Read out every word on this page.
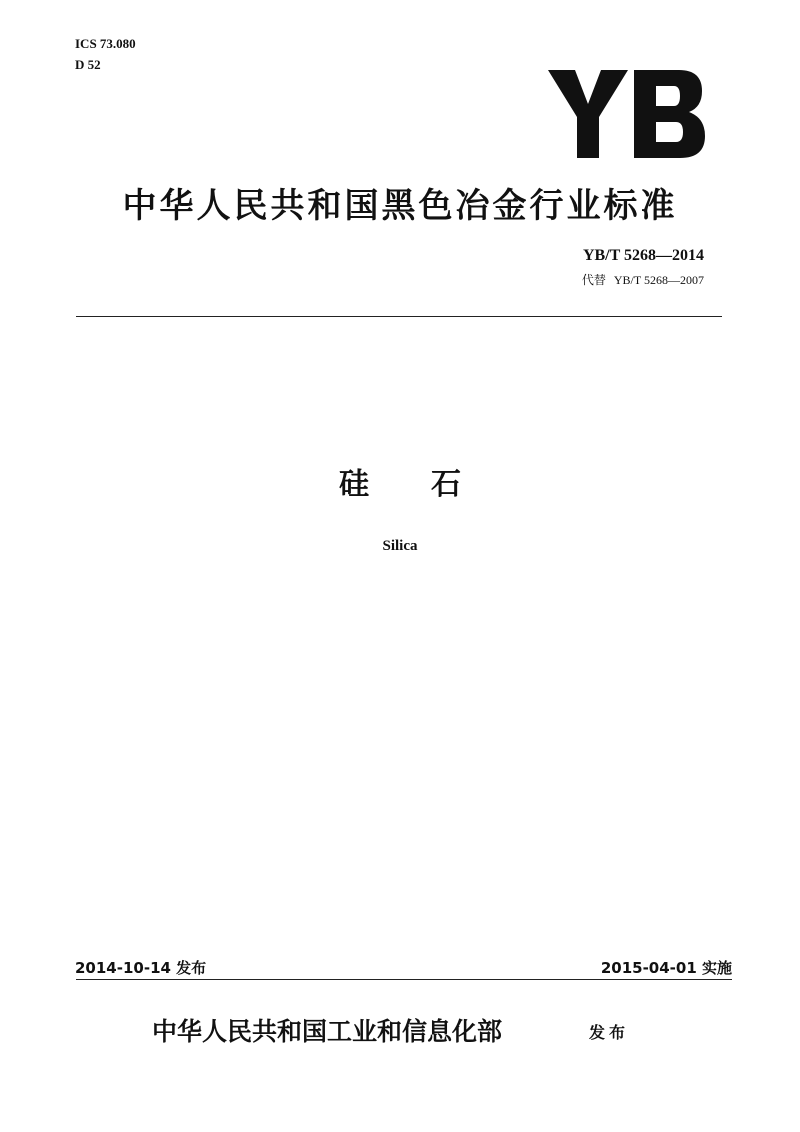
ICS 73.080
D 52
中华人民共和国黑色冶金行业标准
YB/T 5268—2014
代替 YB/T 5268—2007
硅 石
Silica
2014-10-14 发布	2015-04-01 实施
中华人民共和国工业和信息化部	发布
